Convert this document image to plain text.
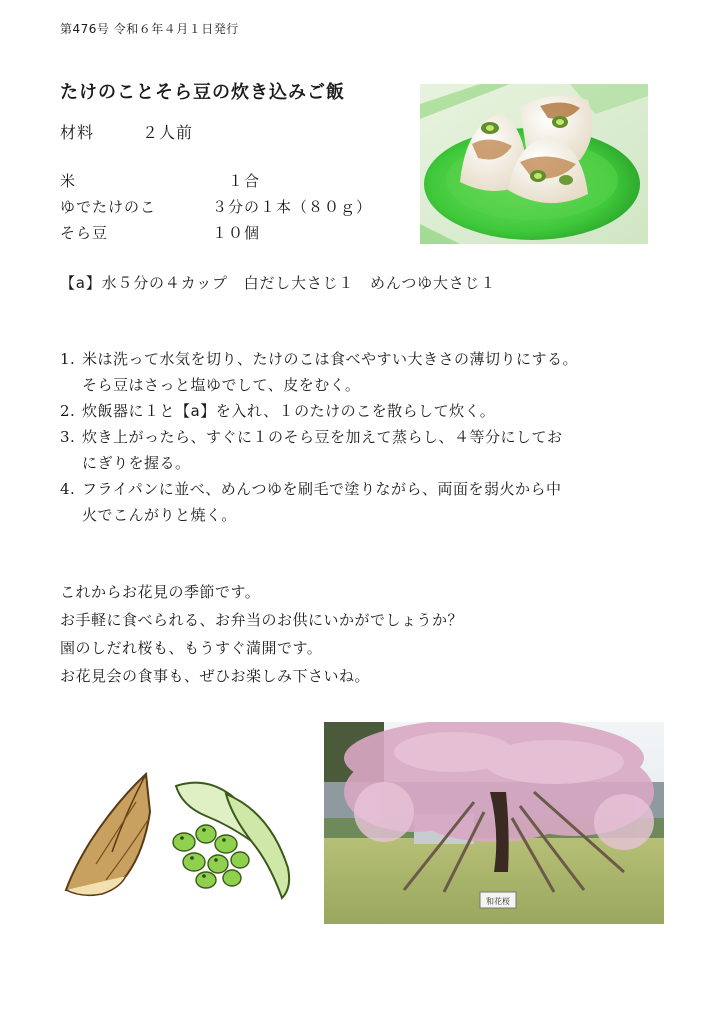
第476号 令和６年４月１日発行
たけのことそら豆の炊き込みご飯
材料	２人前
米	１合
ゆでたけのこ	３分の１本（８０ｇ）
そら豆	１０個
【a】水５分の４カップ　白だし大さじ１　めんつゆ大さじ１
1. 米は洗って水気を切り、たけのこは食べやすい大きさの薄切りにする。
そら豆はさっと塩ゆでして、皮をむく。
2. 炊飯器に１と【a】を入れ、１のたけのこを散らして炊く。
3. 炊き上がったら、すぐに１のそら豆を加えて蒸らし、４等分にしてお
にぎりを握る。
4. フライパンに並べ、めんつゆを刷毛で塗りながら、両面を弱火から中
火でこんがりと焼く。
これからお花見の季節です。
お手軽に食べられる、お弁当のお供にいかがでしょうか？
園のしだれ桜も、もうすぐ満開です。
お花見会の食事も、ぜひお楽しみ下さいね。
和花桜
